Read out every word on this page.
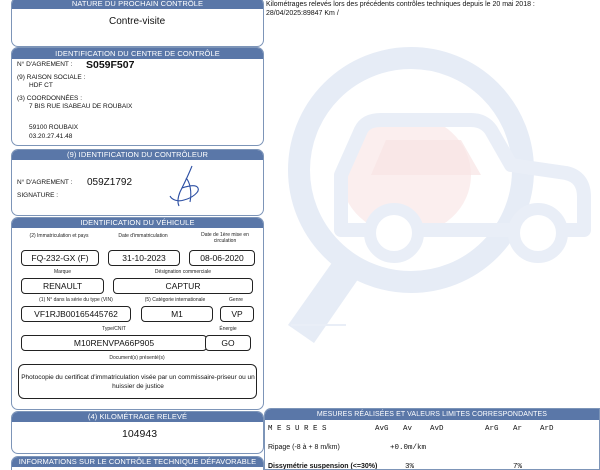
NATURE DU PROCHAIN CONTRÔLE
Contre-visite
IDENTIFICATION DU CENTRE DE CONTRÔLE
N° D'AGREMENT : S059F507
(9) RAISON SOCIALE :
HDF CT
(3) COORDONNÉES :
7 BIS RUE ISABEAU DE ROUBAIX
59100 ROUBAIX
03.20.27.41.48
(9) IDENTIFICATION DU CONTRÔLEUR
N° D'AGREMENT : 059Z1792
SIGNATURE :
IDENTIFICATION DU VÉHICULE
(2) Immatriculation et pays	Date d'immatriculation	Date de 1ère mise en circulation
FQ-232-GX (F)	31-10-2023	08-06-2020
Marque	Désignation commerciale
RENAULT	CAPTUR
(1) N° dans la série du type (VIN)	(5) Catégorie internationale	Genre
VF1RJB00165445762	M1	VP
Type/CNIT	Énergie
M10RENVPA66P905	GO
Document(s) présenté(s)
Photocopie du certificat d'immatriculation visée par un commissaire-priseur ou un huissier de justice
(4) KILOMÉTRAGE RELEVÉ
104943
INFORMATIONS SUR LE CONTRÔLE TECHNIQUE DÉFAVORABLE
Kilométrages relevés lors des précédents contrôles techniques depuis le 20 mai 2018 :
28/04/2025:89847 Km /
MESURES RÉALISÉES ET VALEURS LIMITES CORRESPONDANTES
M E S U R E S	AvG Av AvD	ArG Ar ArD
Ripage (-8 à + 8 m/km)	+0.0m/km
Dissymétrie suspension (<=30%)	3%	7%
